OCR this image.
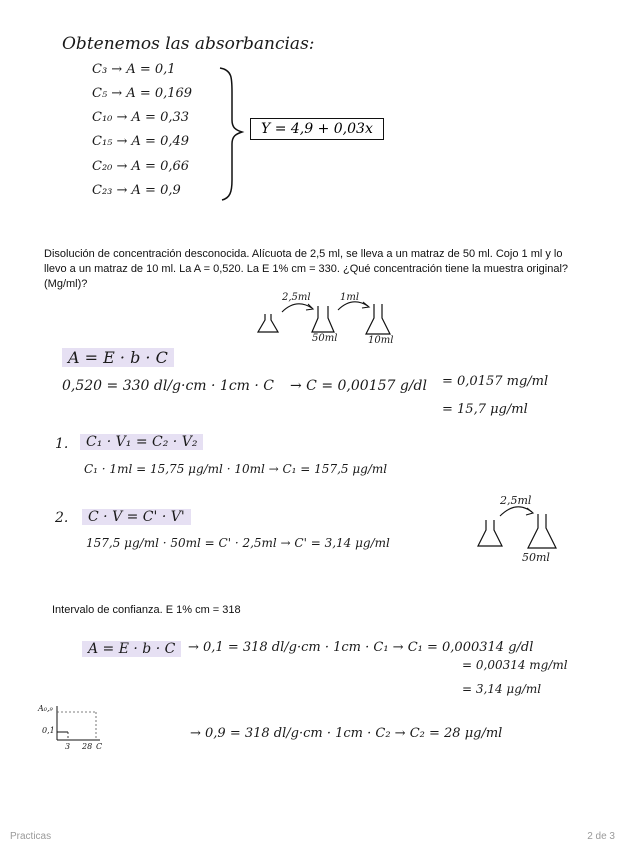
Obtenemos las absorbancias:
C₃ → A = 0,1
C₅ → A = 0,169
C₁₀ → A = 0,33
C₁₅ → A = 0,49
C₂₀ → A = 0,66
C₂₃ → A = 0,9
Y = 4,9 + 0,03x
Disolución de concentración desconocida. Alícuota de 2,5 ml, se lleva a un matraz de 50 ml. Cojo 1 ml y lo llevo a un matraz de 10 ml. La A = 0,520. La E 1% cm = 330. ¿Qué concentración tiene la muestra original? (Mg/ml)?
2,5ml	1ml
50ml	10ml
A = E · b · C
0,520 = 330 dl/g·cm · 1cm · C → C = 0,00157 g/dl = 0,0157 mg/ml
= 15,7 μg/ml
1.	C₁ · V₁ = C₂ · V₂
C₁ · 1ml = 15,75 μg/ml · 10ml → C₁ = 157,5 μg/ml
2.	C · V = C' · V'
157,5 μg/ml · 50ml = C' · 2,5ml → C' = 3,14 μg/ml
2,5ml
50ml
Intervalo de confianza. E 1% cm = 318
A = E · b · C → 0,1 = 318 dl/g·cm · 1cm · C₁ → C₁ = 0,000314 g/dl
= 0,00314 mg/ml
= 3,14 μg/ml
→ 0,9 = 318 dl/g·cm · 1cm · C₂ → C₂ = 28 μg/ml
A₀,₉
0,1
3 28 C
Practicas	2 de 3
